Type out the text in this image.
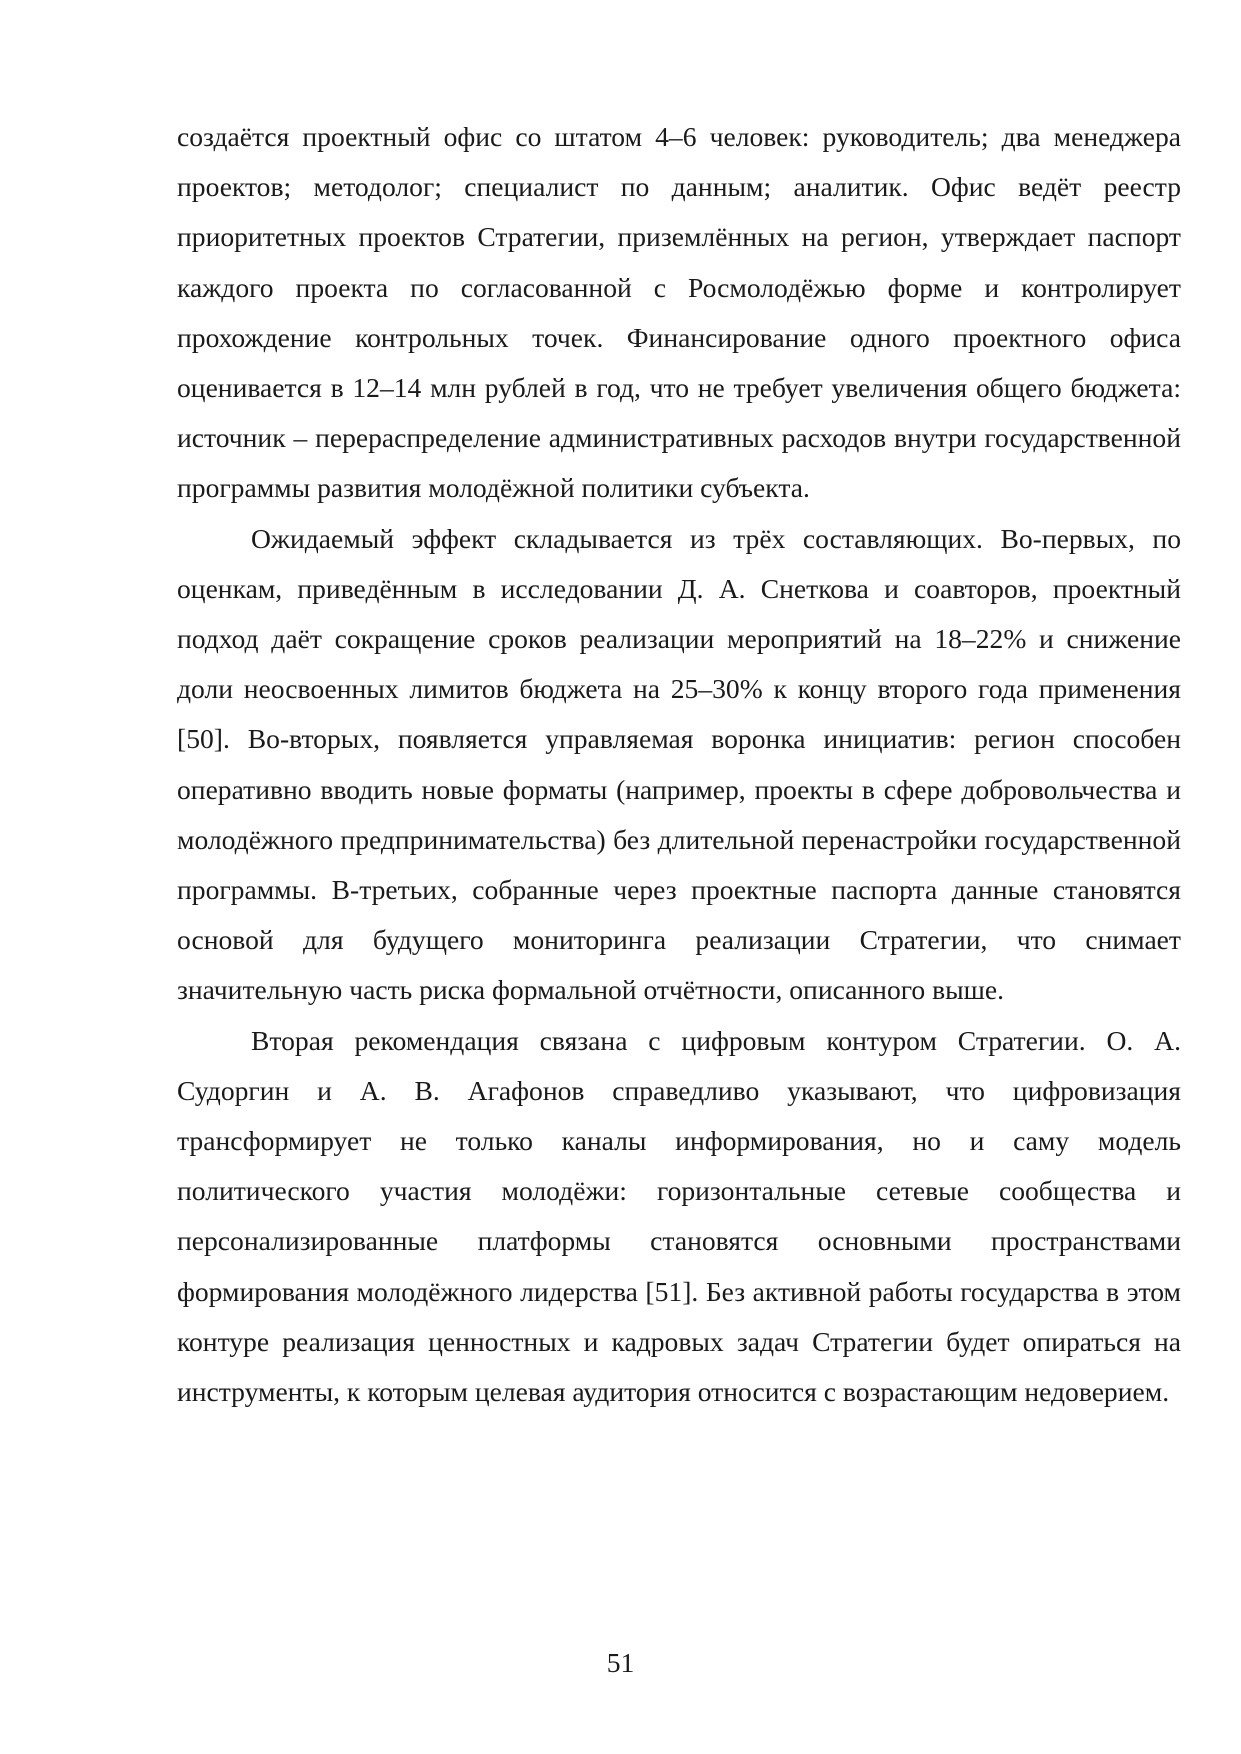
создаётся проектный офис со штатом 4–6 человек: руководитель; два менеджера проектов; методолог; специалист по данным; аналитик. Офис ведёт реестр приоритетных проектов Стратегии, приземлённых на регион, утверждает паспорт каждого проекта по согласованной с Росмолодёжью форме и контролирует прохождение контрольных точек. Финансирование одного проектного офиса оценивается в 12–14 млн рублей в год, что не требует увеличения общего бюджета: источник – перераспределение административных расходов внутри государственной программы развития молодёжной политики субъекта.

Ожидаемый эффект складывается из трёх составляющих. Во-первых, по оценкам, приведённым в исследовании Д. А. Снеткова и соавторов, проектный подход даёт сокращение сроков реализации мероприятий на 18–22% и снижение доли неосвоенных лимитов бюджета на 25–30% к концу второго года применения [50]. Во-вторых, появляется управляемая воронка инициатив: регион способен оперативно вводить новые форматы (например, проекты в сфере добровольчества и молодёжного предпринимательства) без длительной перенастройки государственной программы. В-третьих, собранные через проектные паспорта данные становятся основой для будущего мониторинга реализации Стратегии, что снимает значительную часть риска формальной отчётности, описанного выше.

Вторая рекомендация связана с цифровым контуром Стратегии. О. А. Судоргин и А. В. Агафонов справедливо указывают, что цифровизация трансформирует не только каналы информирования, но и саму модель политического участия молодёжи: горизонтальные сетевые сообщества и персонализированные платформы становятся основными пространствами формирования молодёжного лидерства [51]. Без активной работы государства в этом контуре реализация ценностных и кадровых задач Стратегии будет опираться на инструменты, к которым целевая аудитория относится с возрастающим недоверием.

51
